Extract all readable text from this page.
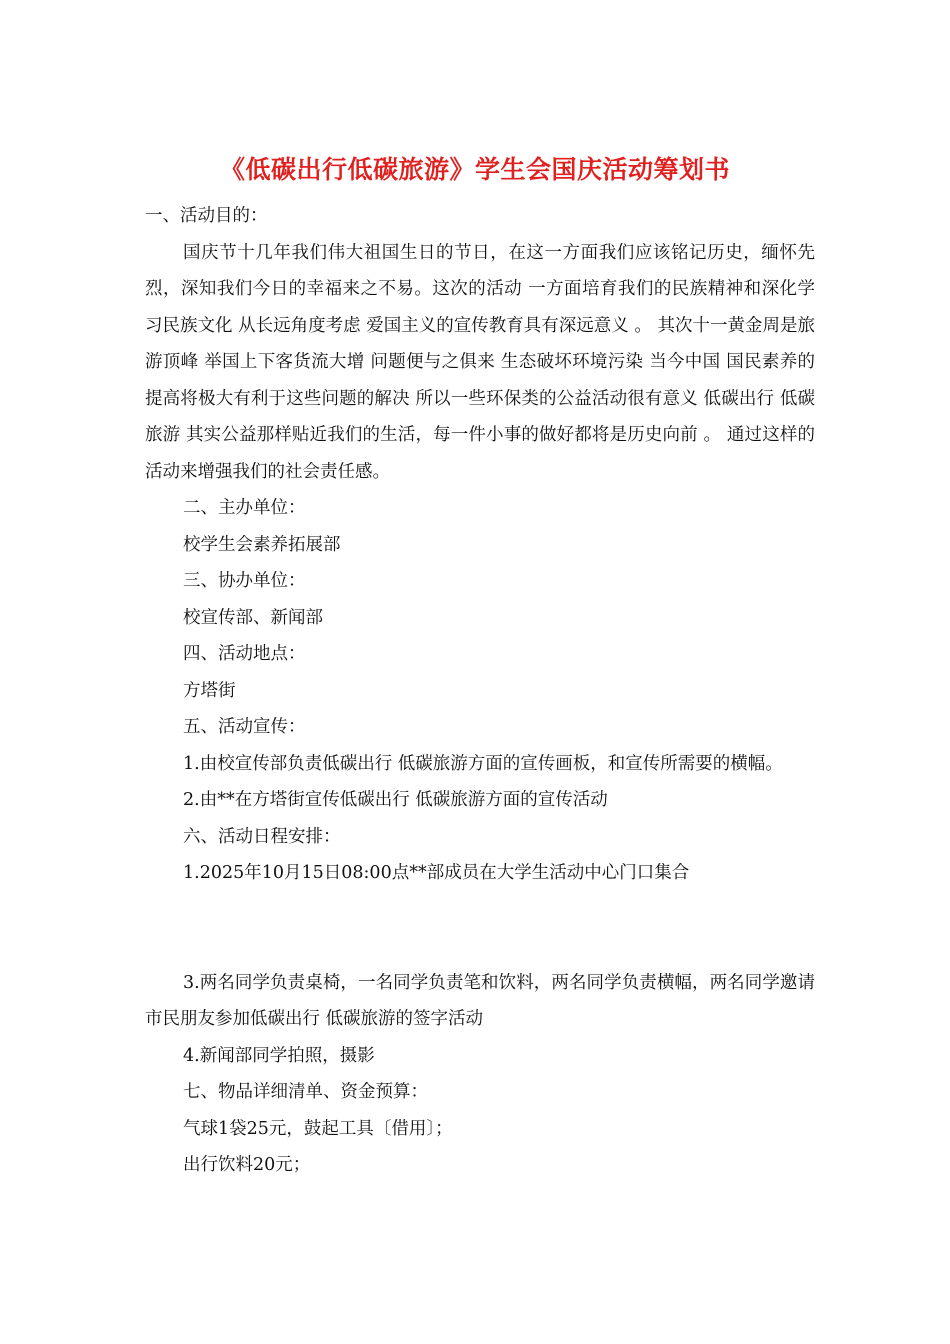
《低碳出行低碳旅游》学生会国庆活动筹划书

一、活动目的：

国庆节十几年我们伟大祖国生日的节日，在这一方面我们应该铭记历史，缅怀先烈，深知我们今日的幸福来之不易。这次的活动 一方面培育我们的民族精神和深化学习民族文化 从长远角度考虑 爱国主义的宣传教育具有深远意义 。 其次十一黄金周是旅游顶峰 举国上下客货流大增 问题便与之俱来 生态破坏环境污染 当今中国 国民素养的提高将极大有利于这些问题的解决 所以一些环保类的公益活动很有意义 低碳出行 低碳旅游 其实公益那样贴近我们的生活，每一件小事的做好都将是历史向前 。 通过这样的活动来增强我们的社会责任感。

二、主办单位：

校学生会素养拓展部

三、协办单位：

校宣传部、新闻部

四、活动地点：

方塔街

五、活动宣传：

1.由校宣传部负责低碳出行 低碳旅游方面的宣传画板，和宣传所需要的横幅。

2.由**在方塔街宣传低碳出行 低碳旅游方面的宣传活动

六、活动日程安排：

1.2025年10月15日08:00点**部成员在大学生活动中心门口集合

3.两名同学负责桌椅，一名同学负责笔和饮料，两名同学负责横幅，两名同学邀请市民朋友参加低碳出行 低碳旅游的签字活动

4.新闻部同学拍照，摄影

七、物品详细清单、资金预算：

气球1袋25元，鼓起工具〔借用〕；

出行饮料20元；
